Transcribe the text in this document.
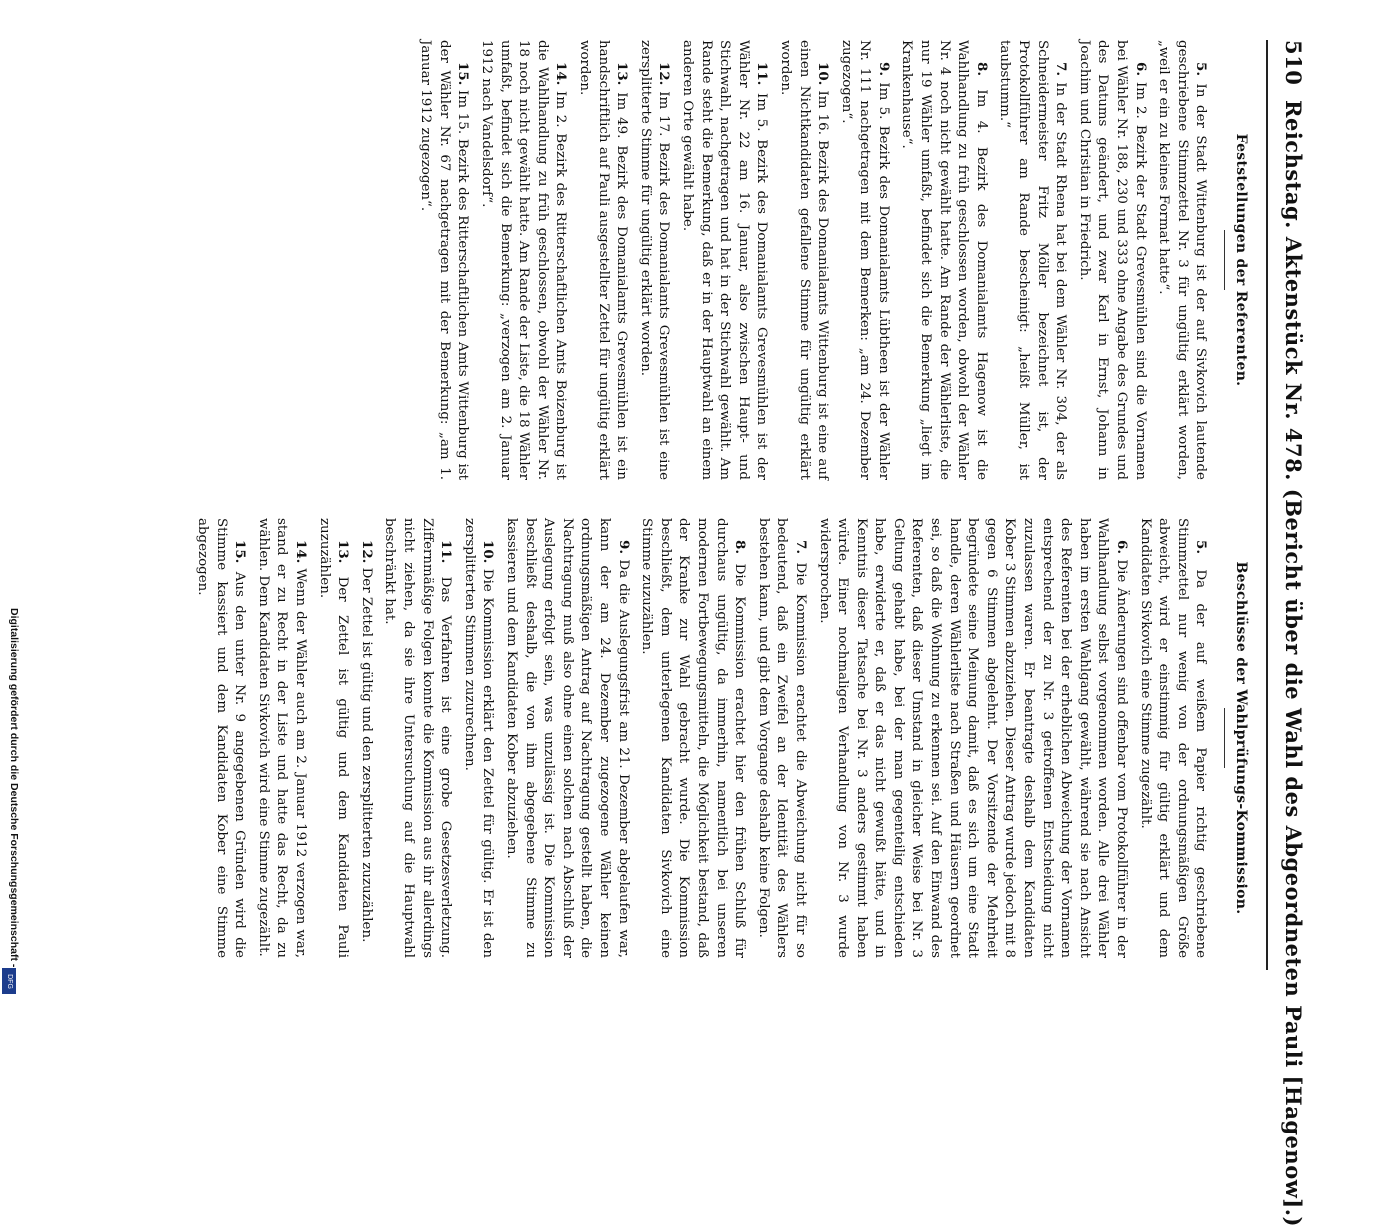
510
Reichstag. Aktenstück Nr. 478. (Bericht über die Wahl des Abgeordneten Pauli [Hagenow].)
Feststellungen der Referenten.

5. In der Stadt Wittenburg ist der auf Sivkovich lautende geschriebene Stimmzettel Nr. 3 für ungültig erklärt worden, „weil er ein zu kleines Format hatte“.

6. Im 2. Bezirk der Stadt Grevesmühlen sind die Vornamen bei Wähler Nr. 188, 230 und 333 ohne Angabe des Grundes und des Datums geändert, und zwar Karl in Ernst, Johann in Joachim und Christian in Friedrich.

7. In der Stadt Rhena hat bei dem Wähler Nr. 304, der als Schneidermeister Fritz Möller bezeichnet ist, der Protokollführer am Rande bescheinigt: „heißt Müller, ist taubstumm.“

8. Im 4. Bezirk des Domanialamts Hagenow ist die Wahlhandlung zu früh geschlossen worden, obwohl der Wähler Nr. 4 noch nicht gewählt hatte. Am Rande der Wählerliste, die nur 19 Wähler umfaßt, befindet sich die Bemerkung „liegt im Krankenhause“.

9. Im 5. Bezirk des Domanialamts Lübtheen ist der Wähler Nr. 111 nachgetragen mit dem Bemerken: „am 24. Dezember zugezogen“.

10. Im 16. Bezirk des Domanialamts Wittenburg ist eine auf einen Nichtkandidaten gefallene Stimme für ungültig erklärt worden.

11. Im 5. Bezirk des Domanialamts Grevesmühlen ist der Wähler Nr. 22 am 16. Januar, also zwischen Haupt- und Stichwahl, nachgetragen und hat in der Stichwahl gewählt. Am Rande steht die Bemerkung, daß er in der Hauptwahl an einem anderen Orte gewählt habe.

12. Im 17. Bezirk des Domanialamts Grevesmühlen ist eine zersplitterte Stimme für ungültig erklärt worden.

13. Im 49. Bezirk des Domanialamts Grevesmühlen ist ein handschriftlich auf Pauli ausgestellter Zettel für ungültig erklärt worden.

14. Im 2. Bezirk des Ritterschaftlichen Amts Boizenburg ist die Wahlhandlung zu früh geschlossen, obwohl der Wähler Nr. 18 noch nicht gewählt hatte. Am Rande der Liste, die 18 Wähler umfaßt, befindet sich die Bemerkung: „verzogen am 2. Januar 1912 nach Vandelsdorf“.

15. Im 15. Bezirk des Ritterschaftlichen Amts Wittenburg ist der Wähler Nr. 67 nachgetragen mit der Bemerkung: „am 1. Januar 1912 zugezogen“.

Beschlüsse der Wahlprüfungs-Kommission.

5. Da der auf weißem Papier richtig geschriebene Stimmzettel nur wenig von der ordnungsmäßigen Größe abweicht, wird er einstimmig für gültig erklärt und dem Kandidaten Sivkovich eine Stimme zugezählt.

6. Die Änderungen sind offenbar vom Protokollführer in der Wahlhandlung selbst vorgenommen worden. Alle drei Wähler haben im ersten Wahlgang gewählt, während sie nach Ansicht des Referenten bei der erheblichen Abweichung der Vornamen entsprechend der zu Nr. 3 getroffenen Entscheidung nicht zuzulassen waren. Er beantragte deshalb dem Kandidaten Kober 3 Stimmen abzuziehen. Dieser Antrag wurde jedoch mit 8 gegen 6 Stimmen abgelehnt. Der Vorsitzende der Mehrheit begründete seine Meinung damit, daß es sich um eine Stadt handle, deren Wählerliste nach Straßen und Häusern geordnet sei, so daß die Wohnung zu erkennen sei. Auf den Einwand des Referenten, daß dieser Umstand in gleicher Weise bei Nr. 3 Geltung gehabt habe, bei der man gegenteilig entschieden habe, erwiderte er, daß er das nicht gewußt hätte, und in Kenntnis dieser Tatsache bei Nr. 3 anders gestimmt haben würde. Einer nochmaligen Verhandlung von Nr. 3 wurde widersprochen.

7. Die Kommission erachtet die Abweichung nicht für so bedeutend, daß ein Zweifel an der Identität des Wählers bestehen kann, und gibt dem Vorgange deshalb keine Folgen.

8. Die Kommission erachtet hier den frühen Schluß für durchaus ungültig, da immerhin, namentlich bei unseren modernen Fortbewegungsmitteln, die Möglichkeit bestand, daß der Kranke zur Wahl gebracht wurde. Die Kommission beschließt, dem unterlegenen Kandidaten Sivkovich eine Stimme zuzuzählen.

9. Da die Auslegungsfrist am 21. Dezember abgelaufen war, kann der am 24. Dezember zugezogene Wähler keinen ordnungsmäßigen Antrag auf Nachtragung gestellt haben, die Nachtragung muß also ohne einen solchen nach Abschluß der Auslegung erfolgt sein, was unzulässig ist. Die Kommission beschließt deshalb, die von ihm abgegebene Stimme zu kassieren und dem Kandidaten Kober abzuziehen.

10. Die Kommission erklärt den Zettel für gültig. Er ist den zersplitterten Stimmen zuzurechnen.

11. Das Verfahren ist eine grobe Gesetzesverletzung. Ziffernmäßige Folgen konnte die Kommission aus ihr allerdings nicht ziehen, da sie ihre Untersuchung auf die Hauptwahl beschränkt hat.

12. Der Zettel ist gültig und den zersplitterten zuzuzählen.

13. Der Zettel ist gültig und dem Kandidaten Pauli zuzuzählen.

14. Wenn der Wähler auch am 2. Januar 1912 verzogen war, stand er zu Recht in der Liste und hatte das Recht, da zu wählen. Dem Kandidaten Sivkovich wird eine Stimme zugezählt.

15. Aus den unter Nr. 9 angegebenen Gründen wird die Stimme kassiert und dem Kandidaten Kober eine Stimme abgezogen.

Digitalisierung gefördert durch die Deutsche Forschungsgemeinschaft -
DFG
